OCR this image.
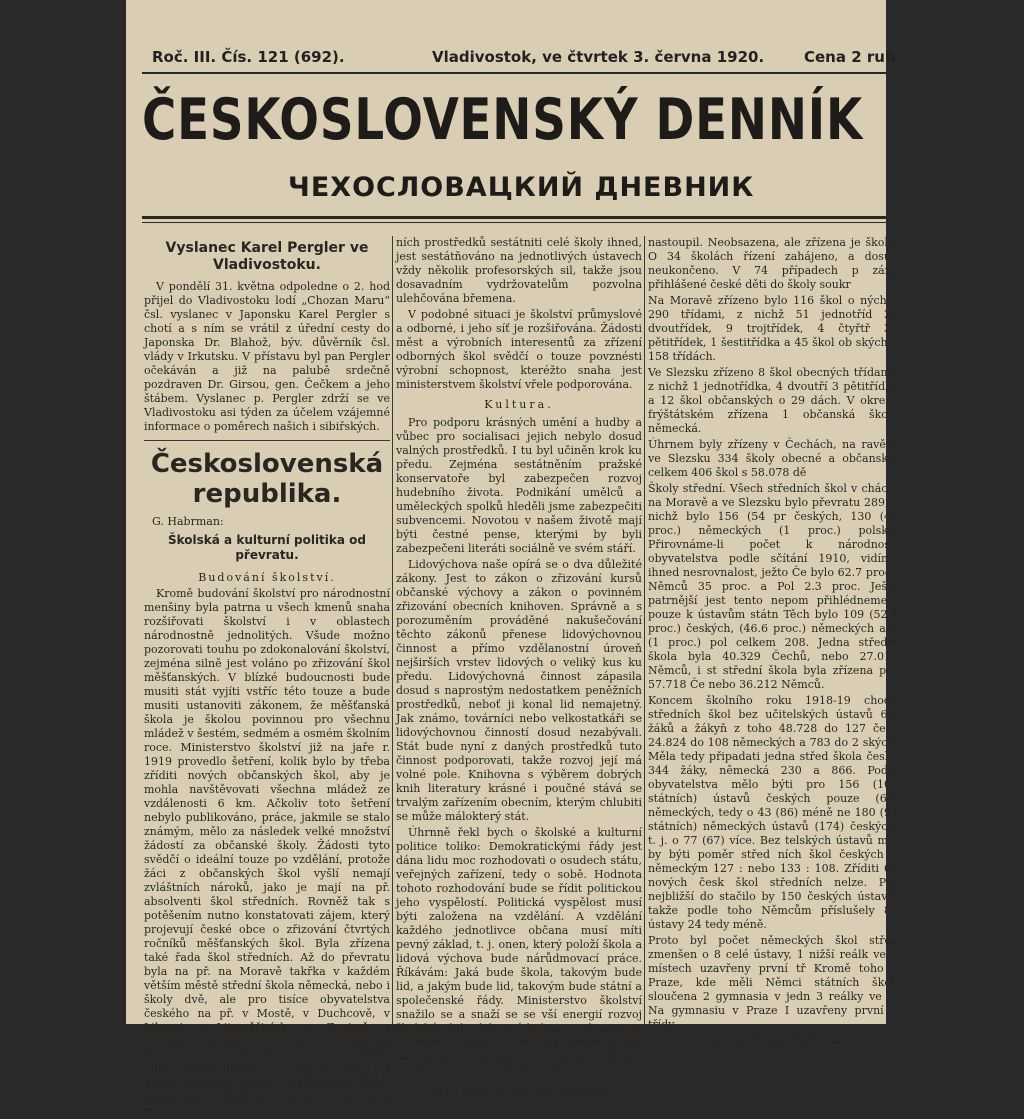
Roč. III. Čís. 121 (692).	Vladivostok, ve čtvrtek 3. června 1920.	Cena 2 rub
ČESKOSLOVENSKÝ DENNÍK
ЧЕХОСЛОВАЦКИЙ ДНЕВНИК
Vyslanec Karel Pergler ve Vladivostoku.

V pondělí 31. května odpoledne o 2. hod přijel do Vladivostoku lodí „Chozan Maru“ čsl. vyslanec v Japonsku Karel Pergler s chotí a s ním se vrátil z úřední cesty do Japonska Dr. Blahož, býv. důvěrník čsl. vlády v Irkutsku. V přístavu byl pan Pergler očekáván a již na palubě srdečně pozdraven Dr. Girsou, gen. Čečkem a jeho štábem. Vyslanec p. Pergler zdrží se ve Vladivostoku asi týden za účelem vzájemné informace o poměrech našich i sibiřských.

Československá republika.
G. Habrman:
Školská a kulturní politika od převratu.
Budování školství.

Kromě budování školství pro národnostní menšiny byla patrna u všech kmenů snaha rozšiřovati školství i v oblastech národnostně jednolitých. Všude možno pozorovati touhu po zdokonalování školství, zejména silně jest voláno po zřizování škol měšťanských. V blízké budoucnosti bude musiti stát vyjíti vstříc této touze a bude musiti ustanoviti zákonem, že měšťanská škola je školou povinnou pro všechnu mládež v šestém, sedmém a osmém školním roce. Ministerstvo školství již na jaře r. 1919 provedlo šetření, kolik bylo by třeba zříditi nových občanských škol, aby je mohla navštěvovati všechna mládež ze vzdálenosti 6 km. Ačkoliv toto šetření nebylo publikováno, práce, jakmile se stalo známým, mělo za následek velké množství žádostí za občanské školy. Žádosti tyto svědčí o ideální touze po vzdělání, protože žáci z občanských škol vyšlí nemají zvláštních nároků, jako je mají na př. absolventi škol středních. Rovněž tak s potěšením nutno konstatovati zájem, který projevují české obce o zřizování čtvrtých ročníků měšťanských škol. Byla zřízena také řada škol středních. Až do převratu byla na př. na Moravě takřka v každém větším městě střední škola německá, nebo i školy dvě, ale pro tisíce obyvatelstva českého na př. v Mostě, v Duchcově, v Liberci, v Litoměřicích, ve Znojmě, v severní Moravě a ve Slezsku nebylo střední školy ani jediné. Dnes jsou v těchto oblastech střední školy zřízeny, a kdo by byl nutný, dokazuje počet přihlášených žáků, takže na některých místech první třídy musely býti otevřeny

ních prostředků sestátniti celé školy ihned, jest sestátňováno na jednotlivých ústavech vždy několik profesorských sil, takže jsou dosavadním vydržovatelům pozvolna ulehčována břemena.

V podobné situaci je školství průmyslové a odborné, i jeho síť je rozšiřována. Žádosti měst a výrobních interesentů za zřízení odborných škol svědčí o touze povznésti výrobní schopnost, kteréžto snaha jest ministerstvem školství vřele podporována.

Kultura.

Pro podporu krásných umění a hudby a vůbec pro socialisaci jejich nebylo dosud valných prostředků. I tu byl učiněn krok ku předu. Zejména sestátněním pražské konservatoře byl zabezpečen rozvoj hudebního života. Podnikání umělců a uměleckých spolků hleděli jsme zabezpečiti subvencemi. Novotou v našem životě mají býti čestné pense, kterými by byli zabezpečeni literáti sociálně ve svém stáří.

Lidovýchova naše opírá se o dva důležité zákony. Jest to zákon o zřizování kursů občanské výchovy a zákon o povinném zřizování obecních knihoven. Správně a s porozuměním prováděné nakušečování těchto zákonů přenese lidovýchovnou činnost a přímo vzdělanostní úroveň nejširších vrstev lidových o veliký kus ku předu. Lidovýchovná činnost zápasila dosud s naprostým nedostatkem peněžních prostředků, neboť ji konal lid nemajetný. Jak známo, továrníci nebo velkostatkáři se lidovýchovnou činností dosud nezabývali. Stát bude nyní z daných prostředků tuto činnost podporovati, takže rozvoj její má volné pole. Knihovna s výběrem dobrých knih literatury krásné i poučné stává se trvalým zařízením obecním, kterým chlubiti se může málokterý stát.

Úhrnně řekl bych o školské a kulturní politice toliko: Demokratickými řády jest dána lidu moc rozhodovati o osudech státu, veřejných zařízení, tedy o sobě. Hodnota tohoto rozhodování bude se řídit politickou jeho vyspělostí. Politická vyspělost musí býti založena na vzdělání. A vzdělání každého jednotlivce občana musí míti pevný základ, t. j. onen, který položí škola a lidová výchova bude nárůdmovací práce. Říkávám: Jaká bude škola, takovým bude lid, a jakým bude lid, takovým bude státní a společenské řády. Ministerstvo školství snažilo se a snaží se se vší energií rozvoj školské i lidovýchovné kultury podporovati, a činnost jeho — což na tomto místě konstatuji — splývá se stejnými vřelými touhami a snahami veřejnosti.

Některé číselné údaje.

nastoupil. Neobsazena, ale zřízena je škola. O 34 školách řízení zahájeno, a dosud neukončeno. V 74 případech p zány přihlášené české děti do školy soukr

Na Moravě zřízeno bylo 116 škol o ných s 290 třídami, z nichž 51 jednotříd 20 dvoutřídek, 9 trojtřídek, 4 čtyřtř 30 pětitřídek, 1 šestitřídka a 45 škol ob ských o 158 třídách.

Ve Slezsku zřízeno 8 škol obecných třídami, z nichž 1 jednotřídka, 4 dvoutří 3 pětitřídky a 12 škol občanských o 29 dách. V okresu frýštátském zřízena 1 občanská škola německá.

Úhrnem byly zřízeny v Čechách, na ravě a ve Slezsku 334 školy obecné a občanské, celkem 406 škol s 58.078 dě

Školy střední. Všech středních škol v chách, na Moravě a ve Slezsku bylo převratu 289, z nichž bylo 156 (54 pr českých, 130 (45 proc.) německých (1 proc.) polské. Přirovnáme-li počet k národnosti obyvatelstva podle sčítání 1910, vidíme ihned nesrovnalost, ježto Če bylo 62.7 proc., Němců 35 proc. a Pol 2.3 proc. Ještě patrnější jest tento nepom přihlédneme-li pouze k ústavům státn Těch bylo 109 (52.4 proc.) českých, (46.6 proc.) německých a 2 (1 proc.) pol celkem 208. Jedna střední škola byla 40.329 Čechů, nebo 27.019 Němců, i st střední škola byla zřízena pro 57.718 Če nebo 36.212 Němců.

Koncem školního roku 1918-19 chodil středních škol bez učitelských ústavů 69. žáků a žákyň z toho 48.728 do 127 česk 24.824 do 108 německých a 783 do 2 ských. Měla tedy připadati jedna střed škola česká 344 žáky, německá 230 a 866. Podle obyvatelstva mělo býti pro 156 (109 státních) ústavů českých pouze (61) německých, tedy o 43 (86) méně ne 180 (97 státních) německých ústavů (174) českých, t. j. o 77 (67) více. Bez telských ústavů měl by býti poměr střed ních škol českých k německým 127 : nebo 133 : 108. Zříditi 68 nových česk škol středních nelze. Pro nejbližší do stačilo by 150 českých ústavů, takže podle toho Němcům příslušely 84 ústavy 24 tedy méně.

Proto byl počet německých škol střed zmenšen o 8 celé ústavy, 1 nižší reálk ve 3 místech uzavřeny první tř Kromě toho v Praze, kde měli Němci státních škol, sloučena 2 gymnasia v jedn 3 reálky ve 2. Na gymnasiu v Praze I uzavřeny první 3 třídy.

Nově zřízeny byly české střední školy
